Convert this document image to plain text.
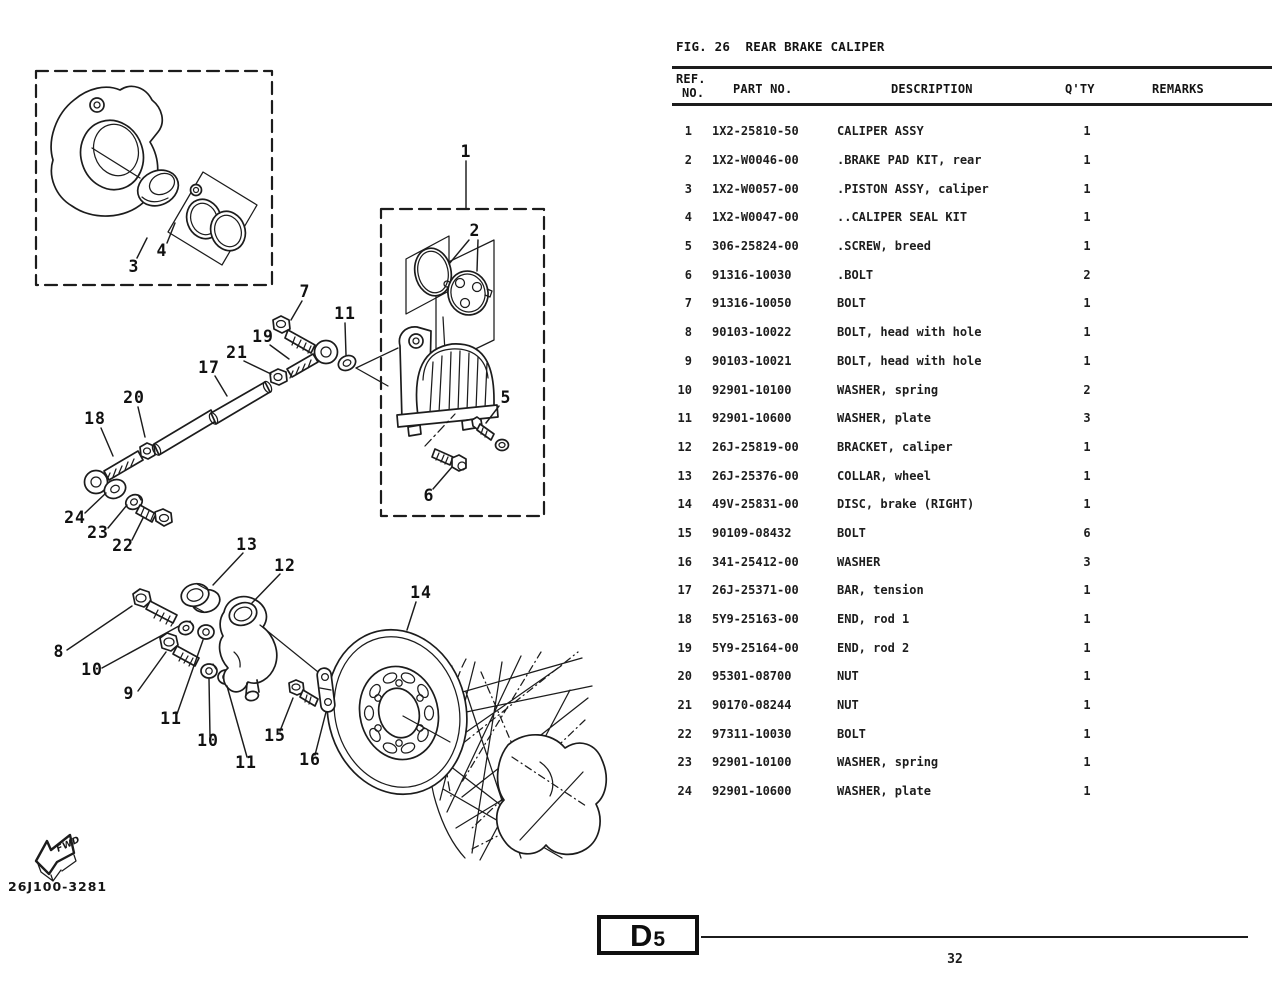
FWD
26J100-3281
1
2
3
4
5
6
7
11
19
21
17
20
18
24
23
22	13
12
14
8
10
9
11
10
11
15
16
FIG. 26  REAR BRAKE CALIPER
REF.
NO. PART NO.	DESCRIPTION	Q'TY	REMARKS
1 1X2-25810-50	CALIPER ASSY	1
2 1X2-W0046-00	.BRAKE PAD KIT, rear	1
3 1X2-W0057-00	.PISTON ASSY, caliper	1
4 1X2-W0047-00	..CALIPER SEAL KIT	1
5 306-25824-00	.SCREW, breed	1
6 91316-10030	.BOLT	2
7 91316-10050	BOLT	1
8 90103-10022	BOLT, head with hole	1
9 90103-10021	BOLT, head with hole	1
10 92901-10100	WASHER, spring	2
11 92901-10600	WASHER, plate	3
12 26J-25819-00	BRACKET, caliper	1
13 26J-25376-00	COLLAR, wheel	1
14 49V-25831-00	DISC, brake (RIGHT)	1
15 90109-08432	BOLT	6
16 341-25412-00	WASHER	3
17 26J-25371-00	BAR, tension	1
18 5Y9-25163-00	END, rod 1	1
19 5Y9-25164-00	END, rod 2	1
20 95301-08700	NUT	1
21 90170-08244	NUT	1
22 97311-10030	BOLT	1
23 92901-10100	WASHER, spring	1
24 92901-10600	WASHER, plate	1
D5
32
